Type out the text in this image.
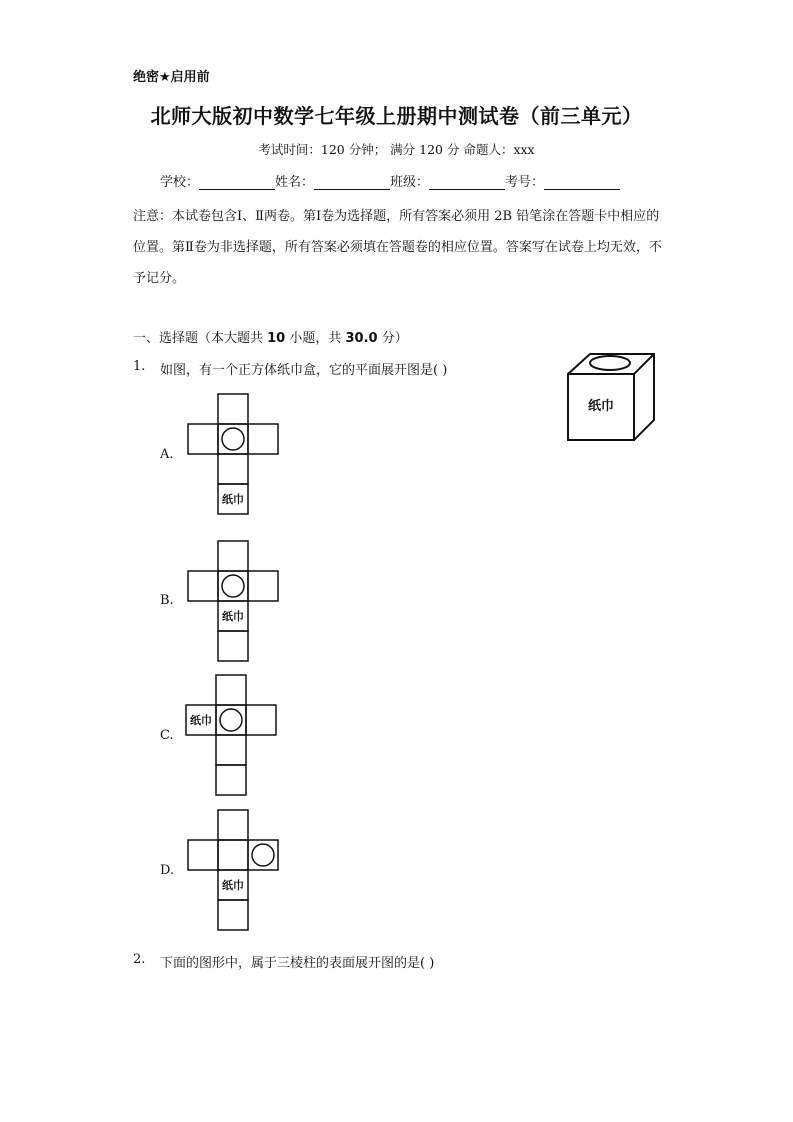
绝密★启用前
北师大版初中数学七年级上册期中测试卷（前三单元）
考试时间：120 分钟； 满分 120 分 命题人：xxx
学校：	姓名：	班级：	考号：
注意：本试卷包含Ⅰ、Ⅱ两卷。第Ⅰ卷为选择题，所有答案必须用 2B 铅笔涂在答题卡中相应的位置。第Ⅱ卷为非选择题，所有答案必须填在答题卷的相应位置。答案写在试卷上均无效，不予记分。
一、选择题（本大题共 10 小题，共 30.0 分）
1. 如图，有一个正方体纸巾盒，它的平面展开图是( )
纸巾
A.
纸巾
B.
纸巾
C.
纸巾
D.
纸巾
2. 下面的图形中，属于三棱柱的表面展开图的是( )
